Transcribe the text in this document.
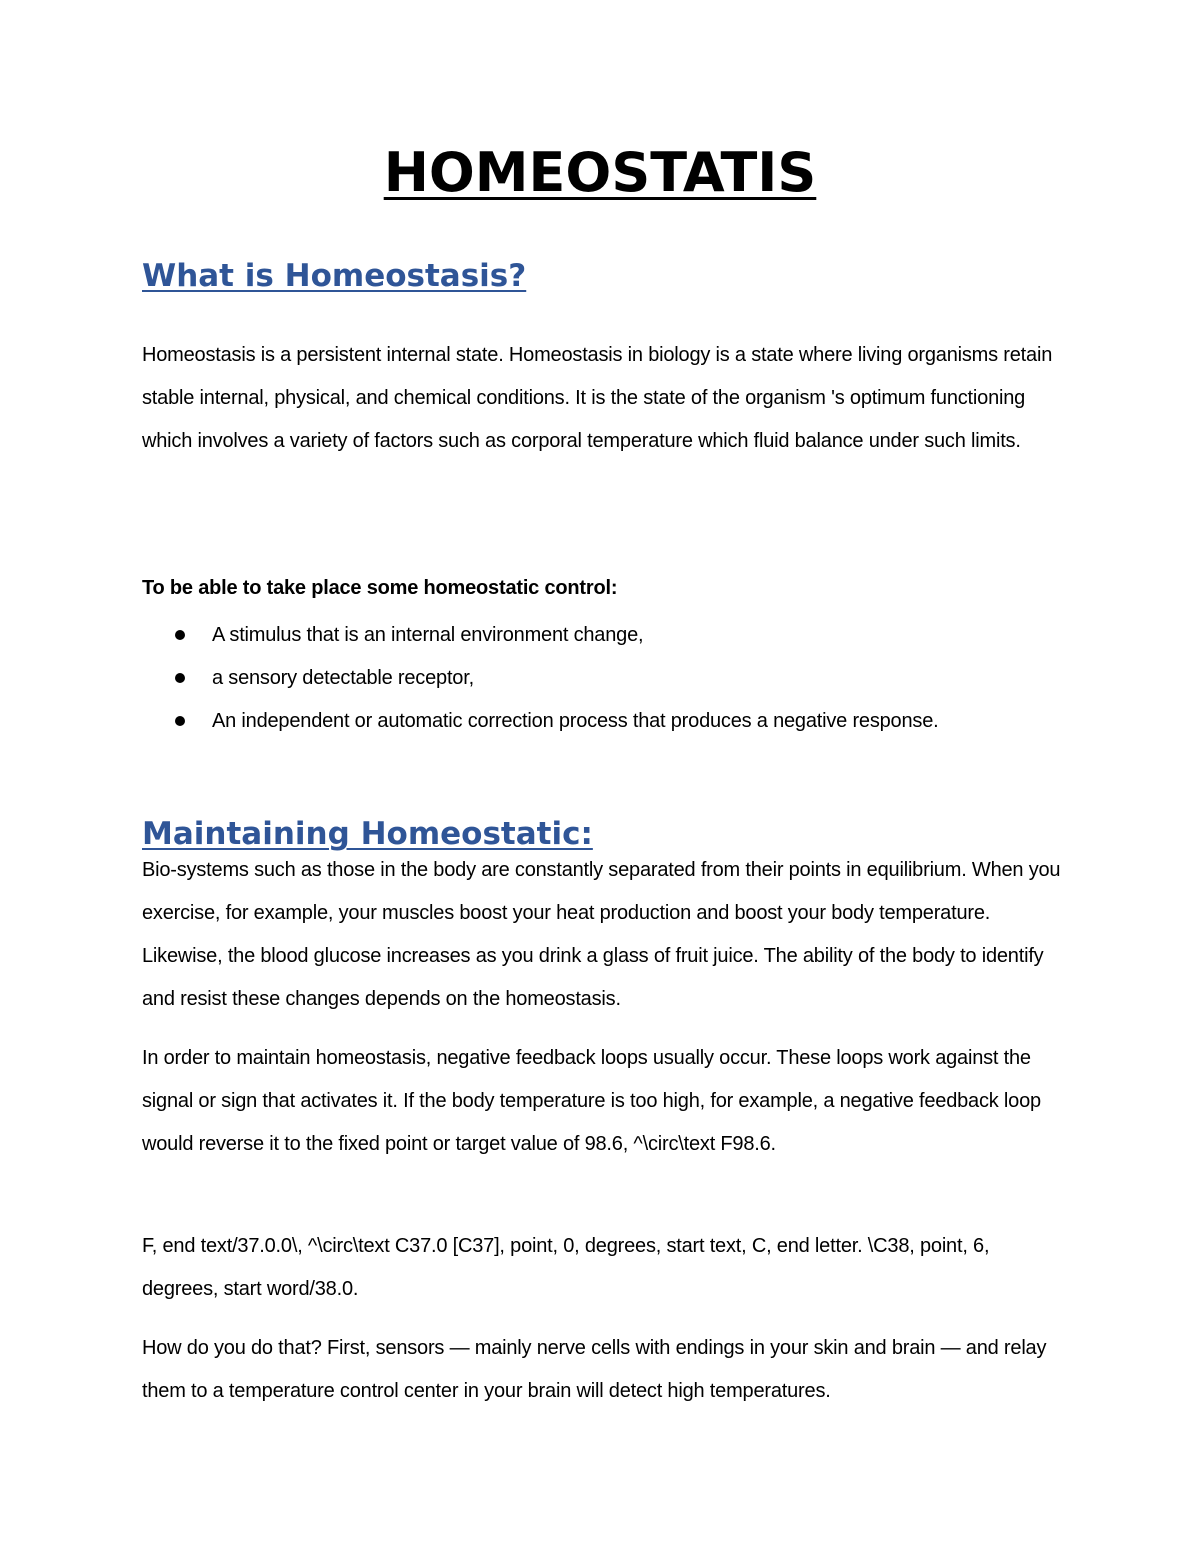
HOMEOSTATIS
What is Homeostasis?

Homeostasis is a persistent internal state. Homeostasis in biology is a state where living organisms retain stable internal, physical, and chemical conditions. It is the state of the organism 's optimum functioning which involves a variety of factors such as corporal temperature which fluid balance under such limits.

To be able to take place some homeostatic control:

A stimulus that is an internal environment change,
a sensory detectable receptor,
An independent or automatic correction process that produces a negative response.
Maintaining Homeostatic:

Bio-systems such as those in the body are constantly separated from their points in equilibrium. When you exercise, for example, your muscles boost your heat production and boost your body temperature. Likewise, the blood glucose increases as you drink a glass of fruit juice. The ability of the body to identify and resist these changes depends on the homeostasis.

In order to maintain homeostasis, negative feedback loops usually occur. These loops work against the signal or sign that activates it. If the body temperature is too high, for example, a negative feedback loop would reverse it to the fixed point or target value of 98.6, ^\circ\text F98.6.

F, end text/37.0.0\, ^\circ\text C37.0 [C37], point, 0, degrees, start text, C, end letter. \C38, point, 6, degrees, start word/38.0.

How do you do that? First, sensors — mainly nerve cells with endings in your skin and brain — and relay them to a temperature control center in your brain will detect high temperatures.
